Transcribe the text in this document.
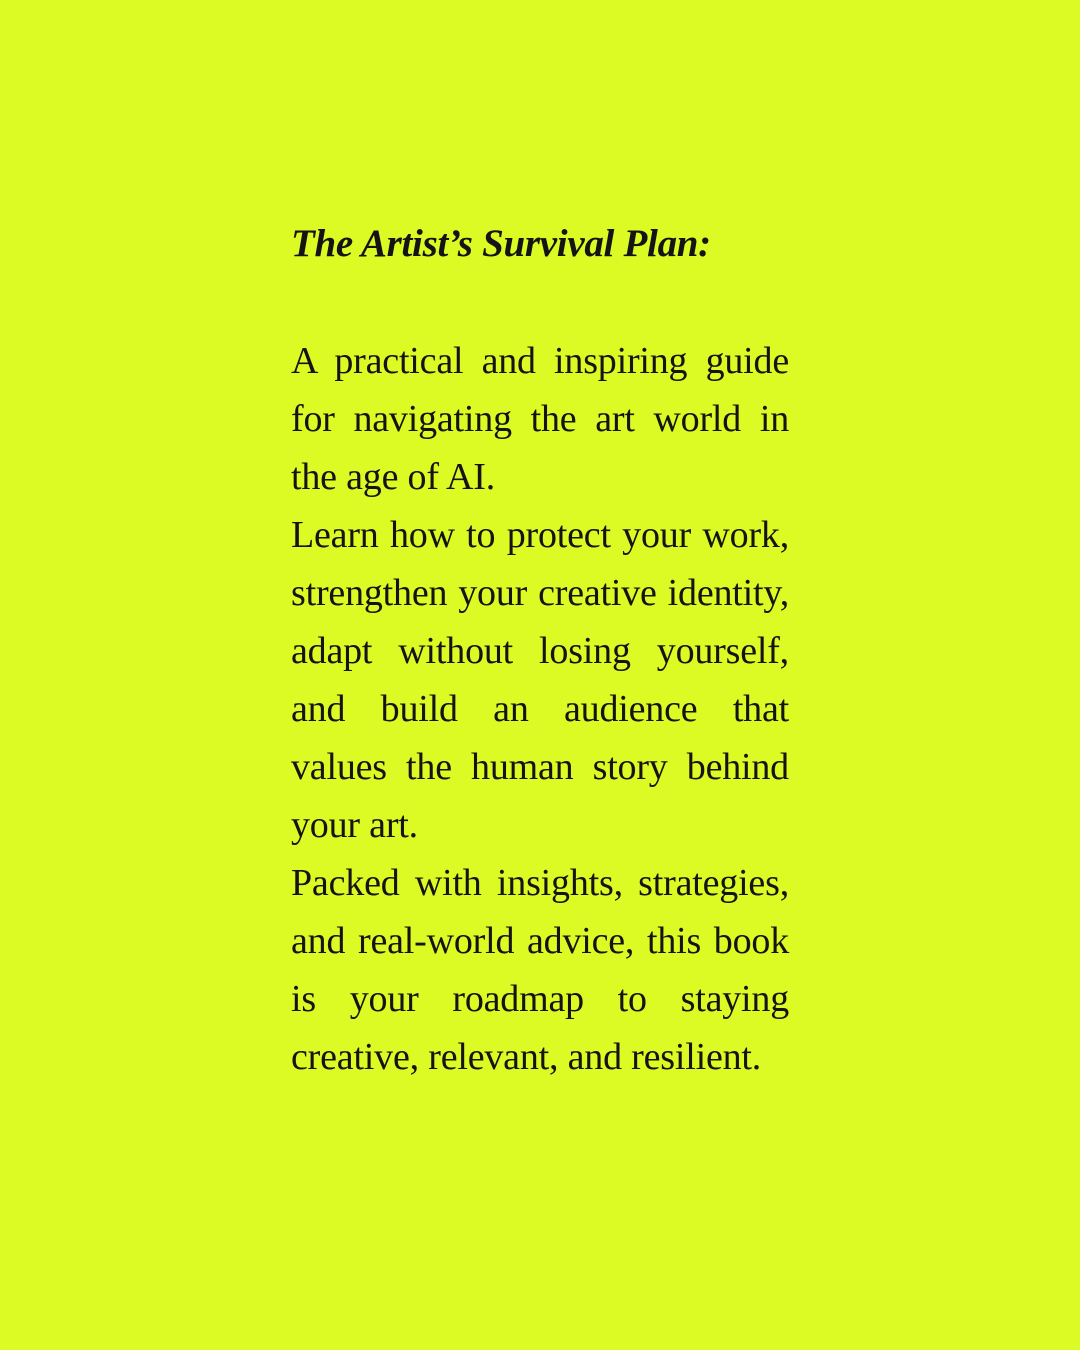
The Artist’s Survival Plan:

A practical and inspiring guide for navigating the art world in the age of AI.

Learn how to protect your work, strengthen your creative identity, adapt without losing yourself, and build an audience that values the human story behind your art.

Packed with insights, strategies, and real-world advice, this book is your roadmap to staying creative, relevant, and resilient.
